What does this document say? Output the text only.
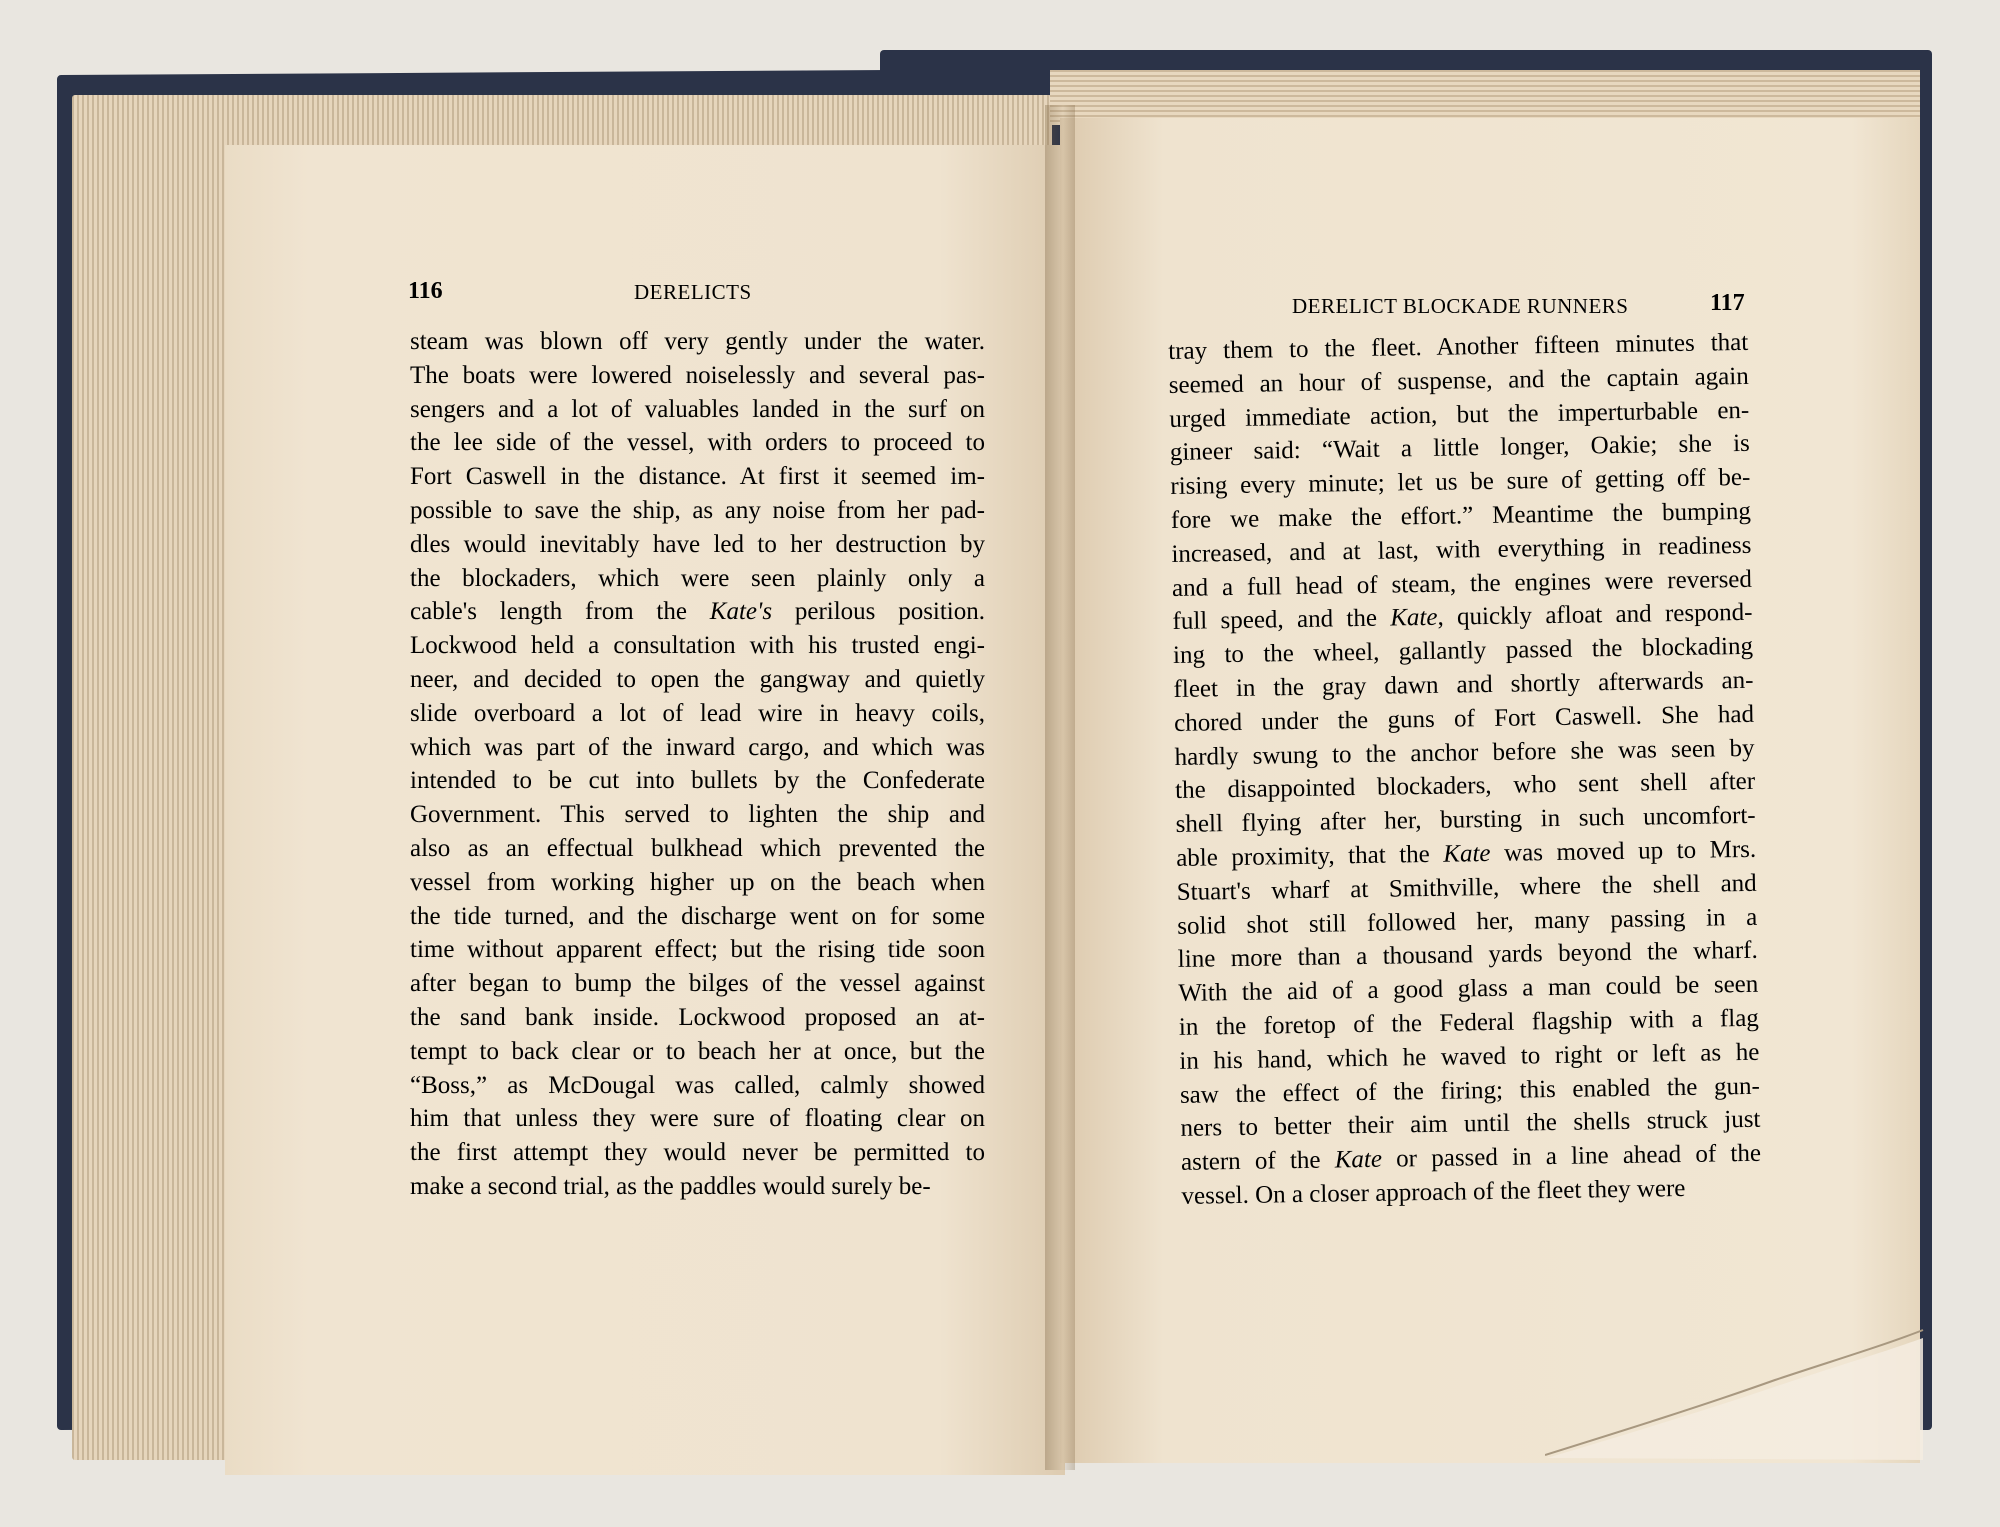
116	DERELICTS
DERELICT BLOCKADE RUNNERS	117
steam was blown off very gently under the water.
The boats were lowered noiselessly and several pas-
sengers and a lot of valuables landed in the surf on
the lee side of the vessel, with orders to proceed to
Fort Caswell in the distance. At first it seemed im-
possible to save the ship, as any noise from her pad-
dles would inevitably have led to her destruction by
the blockaders, which were seen plainly only a
cable's length from the Kate's perilous position.
Lockwood held a consultation with his trusted engi-
neer, and decided to open the gangway and quietly
slide overboard a lot of lead wire in heavy coils,
which was part of the inward cargo, and which was
intended to be cut into bullets by the Confederate
Government. This served to lighten the ship and
also as an effectual bulkhead which prevented the
vessel from working higher up on the beach when
the tide turned, and the discharge went on for some
time without apparent effect; but the rising tide soon
after began to bump the bilges of the vessel against
the sand bank inside. Lockwood proposed an at-
tempt to back clear or to beach her at once, but the
“Boss,” as McDougal was called, calmly showed
him that unless they were sure of floating clear on
the first attempt they would never be permitted to
make a second trial, as the paddles would surely be-
tray them to the fleet. Another fifteen minutes that
seemed an hour of suspense, and the captain again
urged immediate action, but the imperturbable en-
gineer said: “Wait a little longer, Oakie; she is
rising every minute; let us be sure of getting off be-
fore we make the effort.” Meantime the bumping
increased, and at last, with everything in readiness
and a full head of steam, the engines were reversed
full speed, and the Kate, quickly afloat and respond-
ing to the wheel, gallantly passed the blockading
fleet in the gray dawn and shortly afterwards an-
chored under the guns of Fort Caswell. She had
hardly swung to the anchor before she was seen by
the disappointed blockaders, who sent shell after
shell flying after her, bursting in such uncomfort-
able proximity, that the Kate was moved up to Mrs.
Stuart's wharf at Smithville, where the shell and
solid shot still followed her, many passing in a
line more than a thousand yards beyond the wharf.
With the aid of a good glass a man could be seen
in the foretop of the Federal flagship with a flag
in his hand, which he waved to right or left as he
saw the effect of the firing; this enabled the gun-
ners to better their aim until the shells struck just
astern of the Kate or passed in a line ahead of the
vessel. On a closer approach of the fleet they were
